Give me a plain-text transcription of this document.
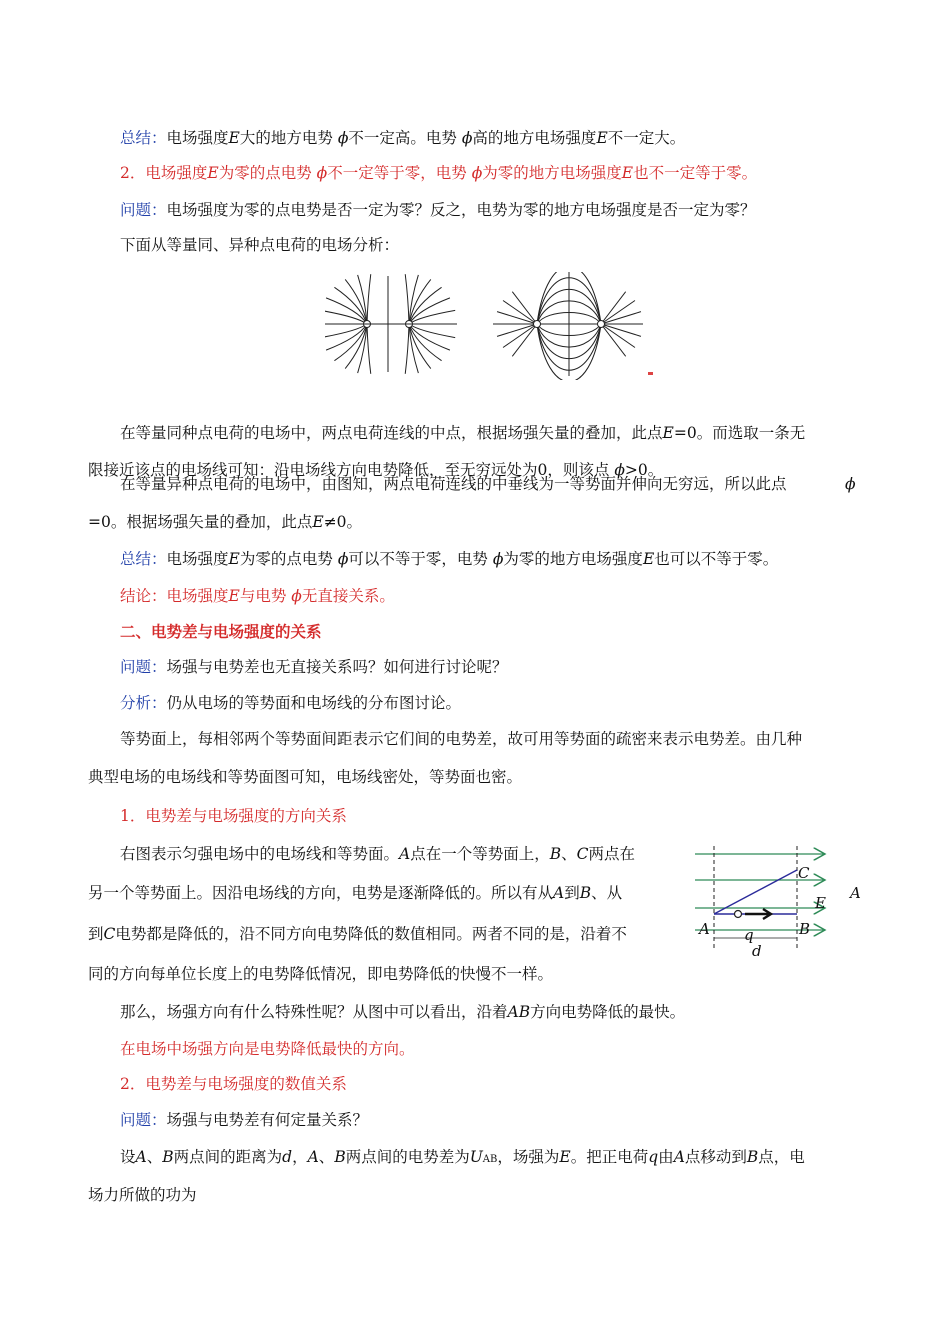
总结：电场强度E大的地方电势 ϕ不一定高。电势 ϕ高的地方电场强度E不一定大。
2．电场强度E为零的点电势 ϕ不一定等于零，电势 ϕ为零的地方电场强度E也不一定等于零。
问题：电场强度为零的点电势是否一定为零？反之，电势为零的地方电场强度是否一定为零？
下面从等量同、异种点电荷的电场分析：
在等量同种点电荷的电场中，两点电荷连线的中点，根据场强矢量的叠加，此点E=0。而选取一条无
限接近该点的电场线可知：沿电场线方向电势降低，至无穷远处为0，则该点 ϕ>0。
在等量异种点电荷的电场中，由图知，两点电荷连线的中垂线为一等势面并伸向无穷远，所以此点	ϕ
=0。根据场强矢量的叠加，此点E≠0。
总结：电场强度E为零的点电势 ϕ可以不等于零，电势 ϕ为零的地方电场强度E也可以不等于零。
结论：电场强度E与电势 ϕ无直接关系。
二、电势差与电场强度的关系
问题：场强与电势差也无直接关系吗？如何进行讨论呢？
分析：仍从电场的等势面和电场线的分布图讨论。
等势面上，每相邻两个等势面间距表示它们间的电势差，故可用等势面的疏密来表示电势差。由几种
典型电场的电场线和等势面图可知，电场线密处，等势面也密。
1．电势差与电场强度的方向关系
右图表示匀强电场中的电场线和等势面。A点在一个等势面上，B、C两点在
另一个等势面上。因沿电场线的方向，电势是逐渐降低的。所以有从A到B、从
到C电势都是降低的，沿不同方向电势降低的数值相同。两者不同的是，沿着不
同的方向每单位长度上的电势降低情况，即电势降低的快慢不一样。
C
E
A	B
q
d
A
那么，场强方向有什么特殊性呢？从图中可以看出，沿着AB方向电势降低的最快。
在电场中场强方向是电势降低最快的方向。
2．电势差与电场强度的数值关系
问题：场强与电势差有何定量关系？
设A、B两点间的距离为d，A、B两点间的电势差为UAB，场强为E。把正电荷q由A点移动到B点，电
场力所做的功为
